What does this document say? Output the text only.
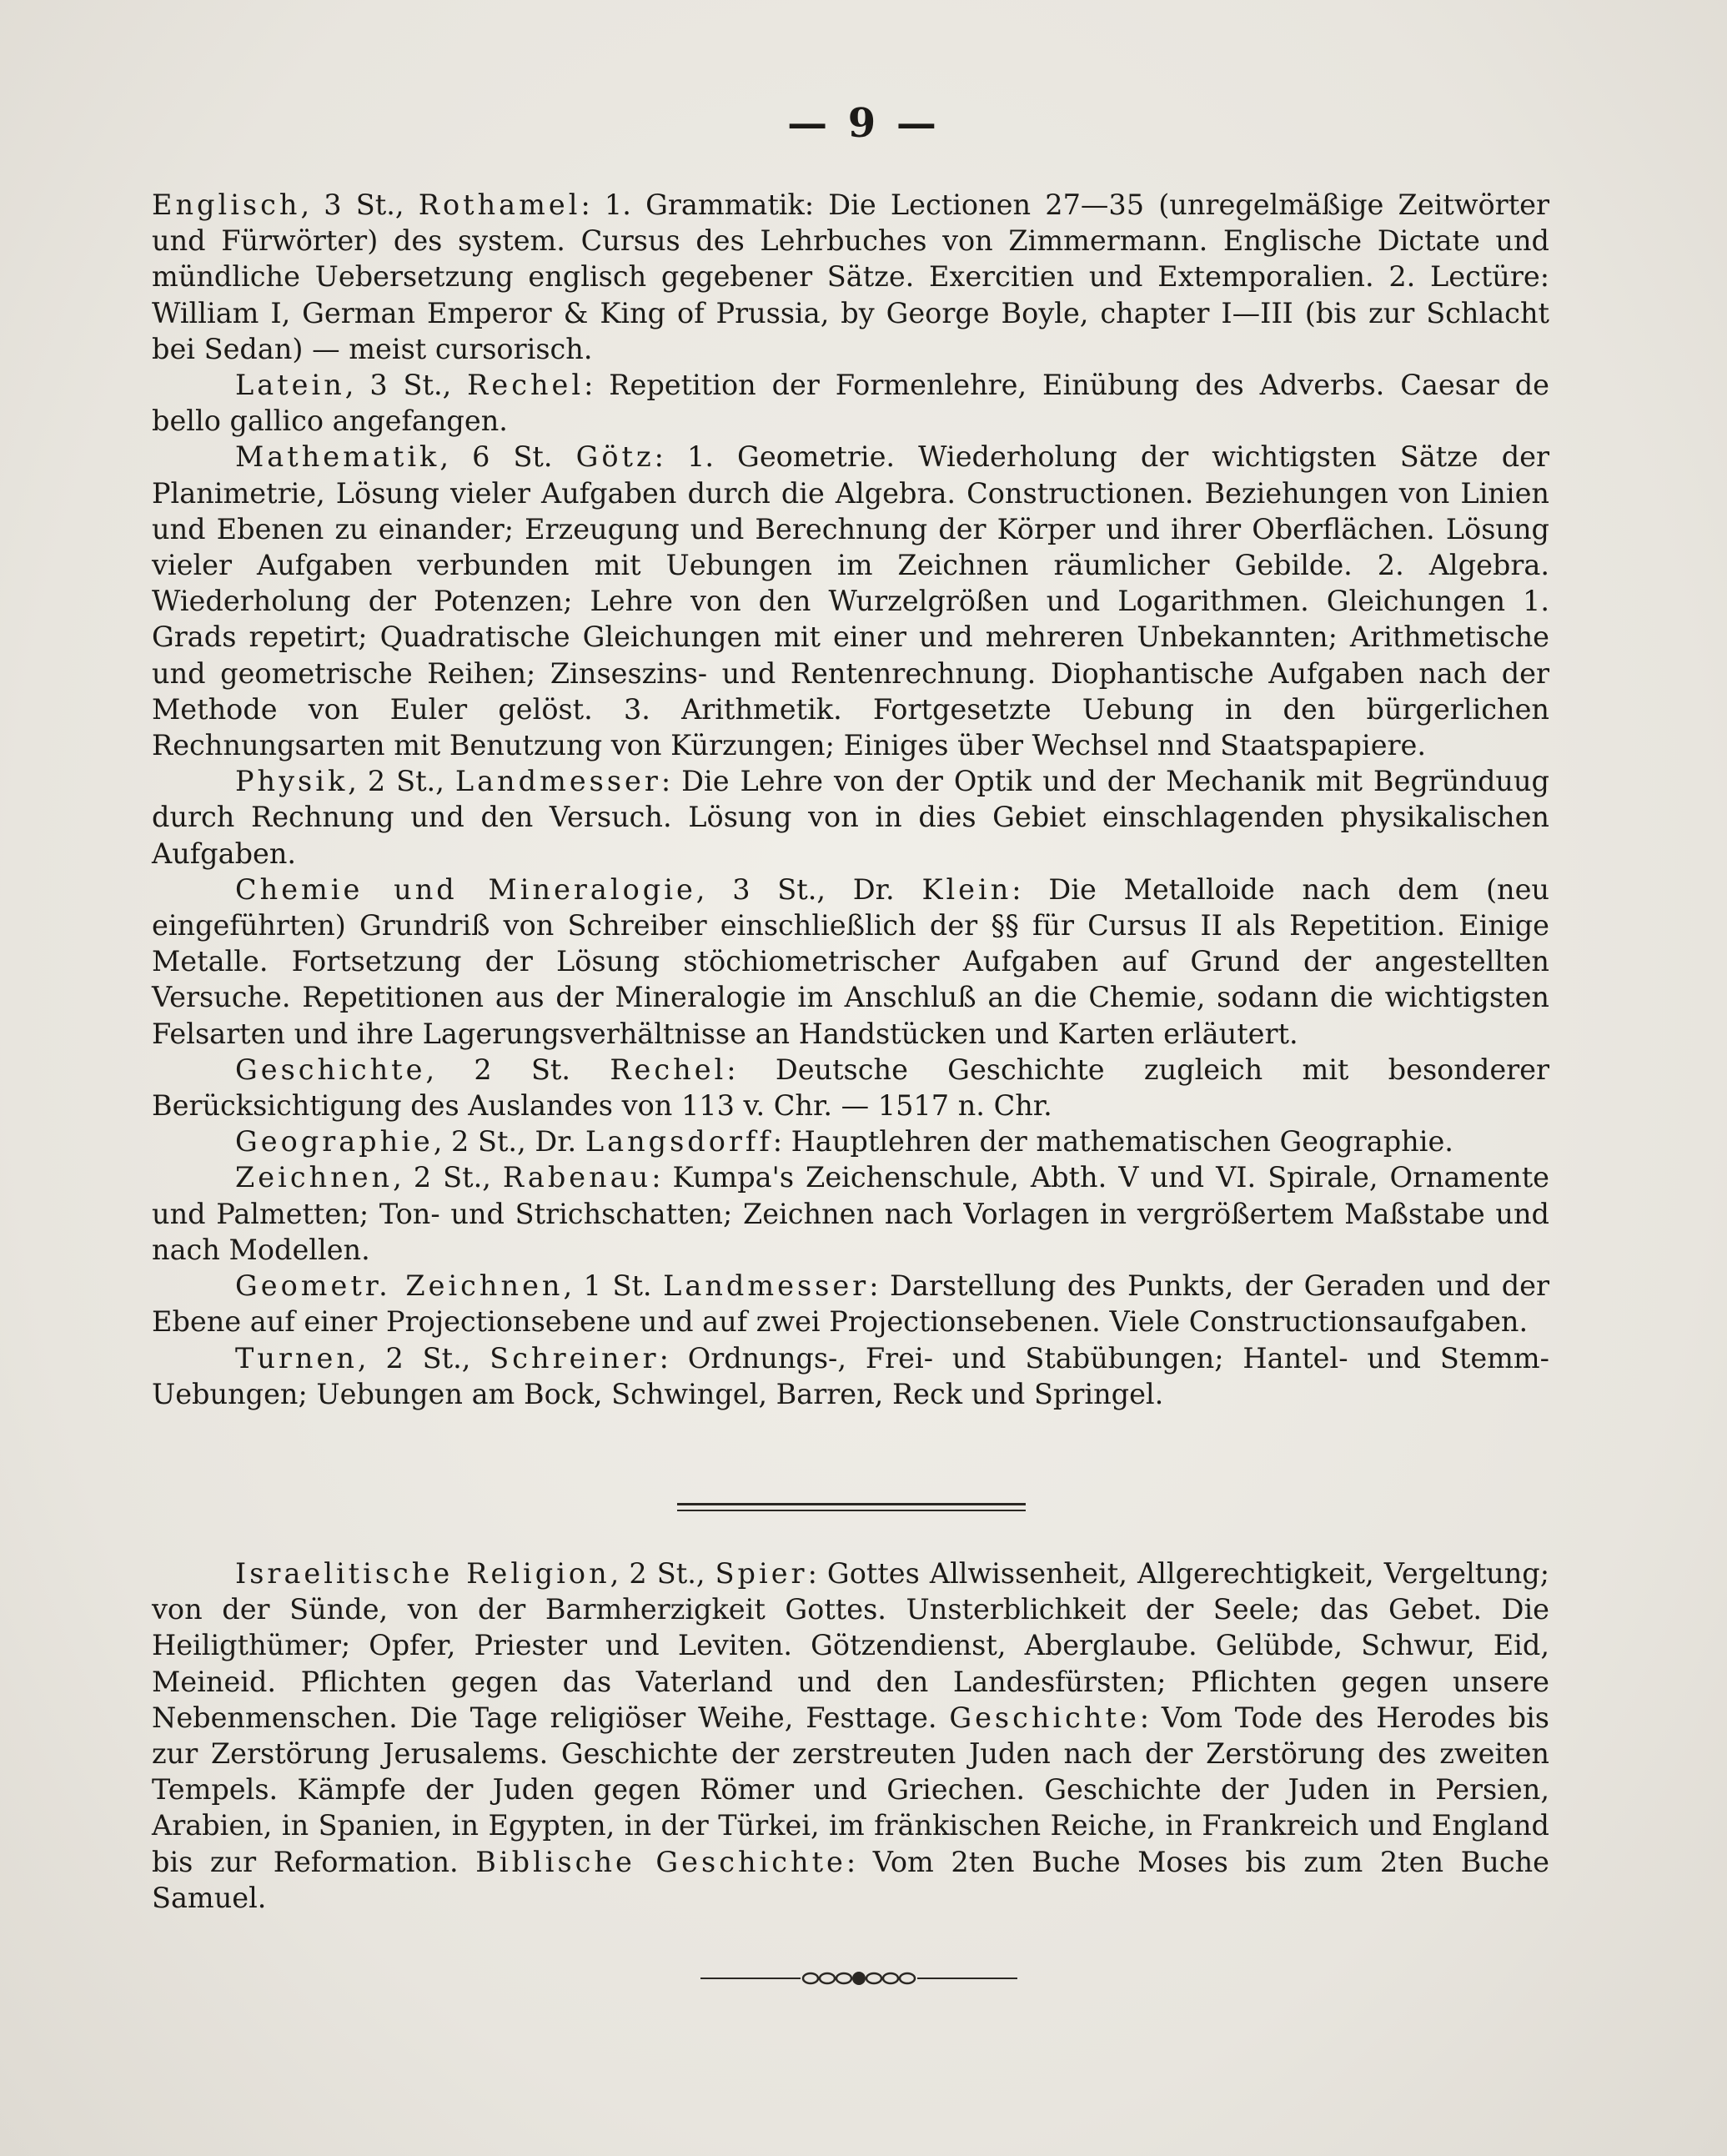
— 9 —

Englisch, 3 St., Rothamel: 1. Grammatik: Die Lectionen 27—35 (unregelmäßige Zeitwörter und Fürwörter) des system. Cursus des Lehrbuches von Zimmermann. Englische Dictate und mündliche Uebersetzung englisch gegebener Sätze. Exercitien und Extemporalien. 2. Lectüre: William I, German Emperor & King of Prussia, by George Boyle, chapter I—III (bis zur Schlacht bei Sedan) — meist cursorisch.

Latein, 3 St., Rechel: Repetition der Formenlehre, Einübung des Adverbs. Caesar de bello gallico angefangen.

Mathematik, 6 St. Götz: 1. Geometrie. Wiederholung der wichtigsten Sätze der Planimetrie, Lösung vieler Aufgaben durch die Algebra. Constructionen. Beziehungen von Linien und Ebenen zu einander; Erzeugung und Berechnung der Körper und ihrer Oberflächen. Lösung vieler Aufgaben verbunden mit Uebungen im Zeichnen räumlicher Gebilde. 2. Algebra. Wiederholung der Potenzen; Lehre von den Wurzelgrößen und Logarithmen. Gleichungen 1. Grads repetirt; Quadratische Gleichungen mit einer und mehreren Unbekannten; Arithmetische und geometrische Reihen; Zinseszins- und Rentenrechnung. Diophantische Aufgaben nach der Methode von Euler gelöst. 3. Arithmetik. Fortgesetzte Uebung in den bürgerlichen Rechnungsarten mit Benutzung von Kürzungen; Einiges über Wechsel nnd Staatspapiere.

Physik, 2 St., Landmesser: Die Lehre von der Optik und der Mechanik mit Begründuug durch Rechnung und den Versuch. Lösung von in dies Gebiet einschlagenden physikalischen Aufgaben.

Chemie und Mineralogie, 3 St., Dr. Klein: Die Metalloide nach dem (neu eingeführten) Grundriß von Schreiber einschließlich der §§ für Cursus II als Repetition. Einige Metalle. Fortsetzung der Lösung stöchiometrischer Aufgaben auf Grund der angestellten Versuche. Repetitionen aus der Mineralogie im Anschluß an die Chemie, sodann die wichtigsten Felsarten und ihre Lagerungsverhältnisse an Handstücken und Karten erläutert.

Geschichte, 2 St. Rechel: Deutsche Geschichte zugleich mit besonderer Berücksichtigung des Auslandes von 113 v. Chr. — 1517 n. Chr.

Geographie, 2 St., Dr. Langsdorff: Hauptlehren der mathematischen Geographie.

Zeichnen, 2 St., Rabenau: Kumpa's Zeichenschule, Abth. V und VI. Spirale, Ornamente und Palmetten; Ton- und Strichschatten; Zeichnen nach Vorlagen in vergrößertem Maßstabe und nach Modellen.

Geometr. Zeichnen, 1 St. Landmesser: Darstellung des Punkts, der Geraden und der Ebene auf einer Projectionsebene und auf zwei Projectionsebenen. Viele Constructionsaufgaben.

Turnen, 2 St., Schreiner: Ordnungs-, Frei- und Stabübungen; Hantel- und Stemm-Uebungen; Uebungen am Bock, Schwingel, Barren, Reck und Springel.

Israelitische Religion, 2 St., Spier: Gottes Allwissenheit, Allgerechtigkeit, Vergeltung; von der Sünde, von der Barmherzigkeit Gottes. Unsterblichkeit der Seele; das Gebet. Die Heiligthümer; Opfer, Priester und Leviten. Götzendienst, Aberglaube. Gelübde, Schwur, Eid, Meineid. Pflichten gegen das Vaterland und den Landesfürsten; Pflichten gegen unsere Nebenmenschen. Die Tage religiöser Weihe, Festtage. Geschichte: Vom Tode des Herodes bis zur Zerstörung Jerusalems. Geschichte der zerstreuten Juden nach der Zerstörung des zweiten Tempels. Kämpfe der Juden gegen Römer und Griechen. Geschichte der Juden in Persien, Arabien, in Spanien, in Egypten, in der Türkei, im fränkischen Reiche, in Frankreich und England bis zur Reformation. Biblische Geschichte: Vom 2ten Buche Moses bis zum 2ten Buche Samuel.
